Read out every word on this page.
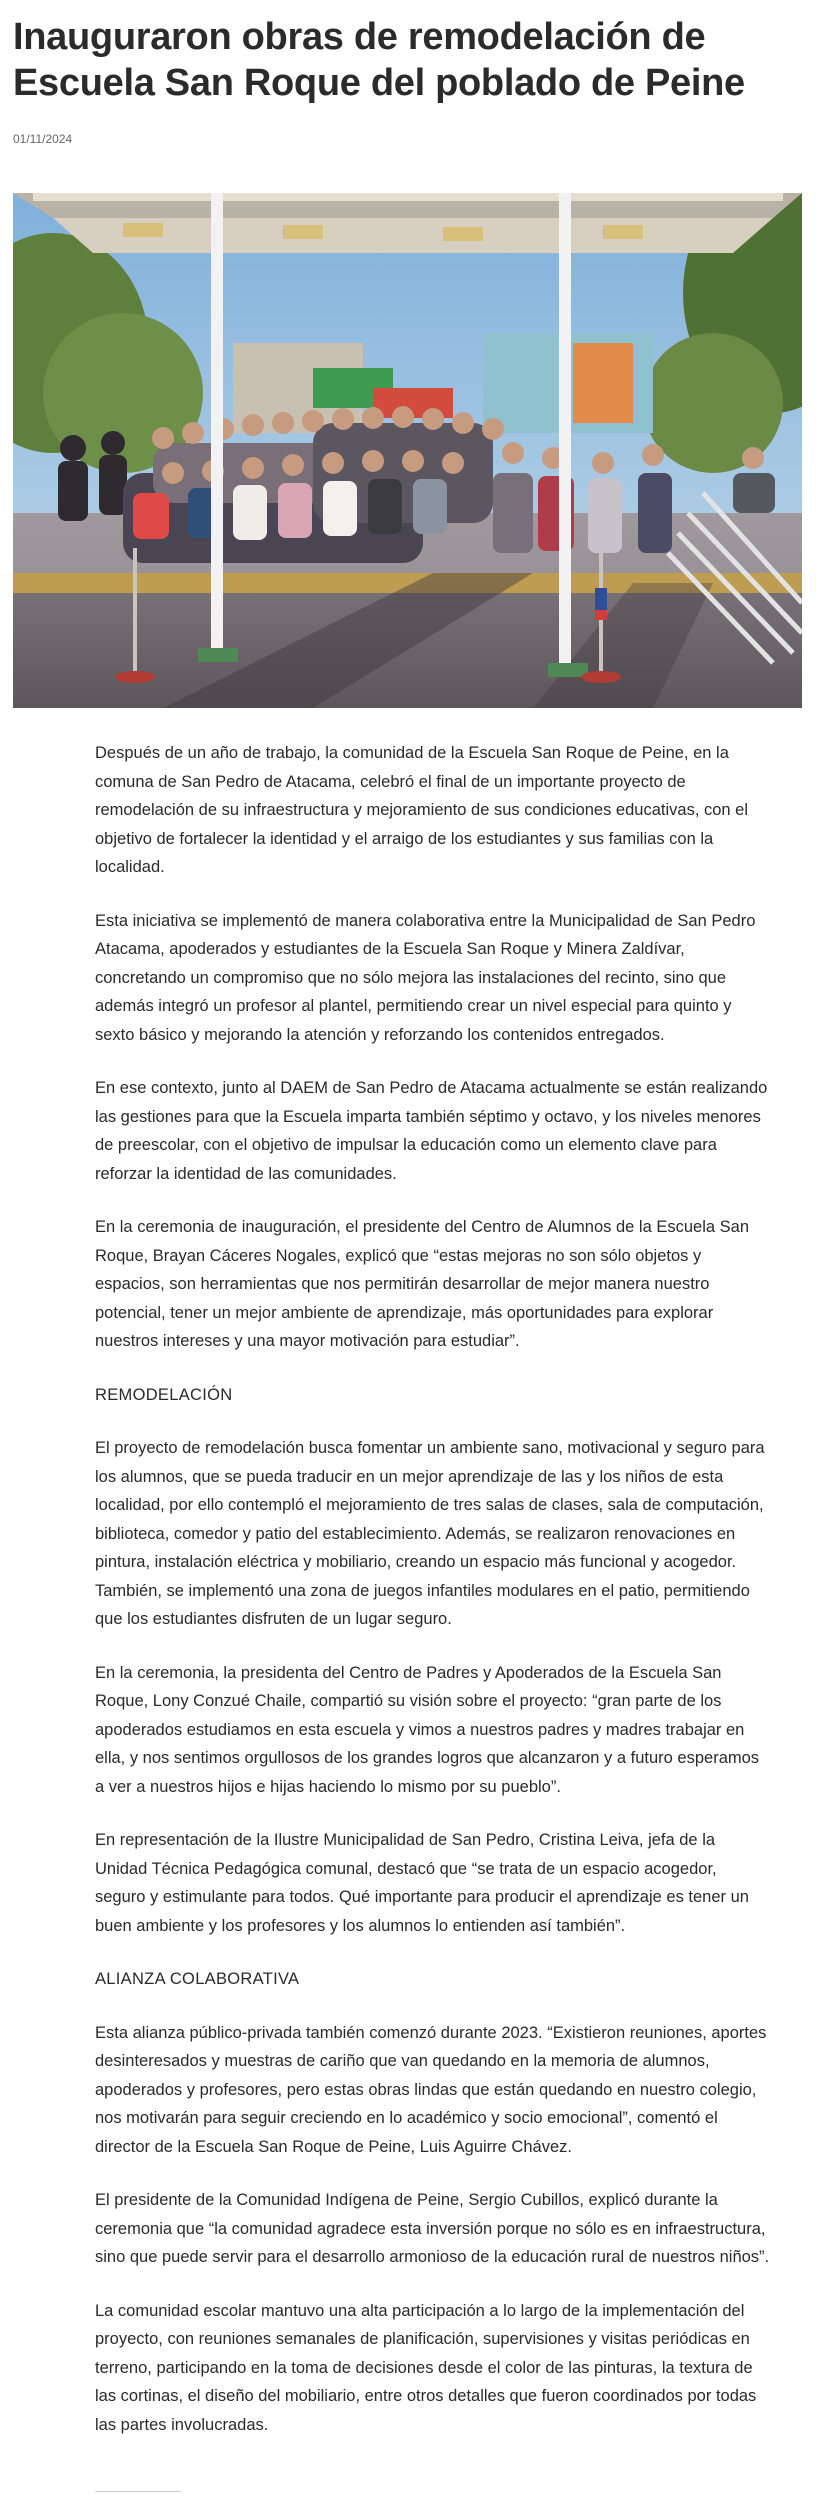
Inauguraron obras de remodelación de Escuela San Roque del poblado de Peine
01/11/2024

Después de un año de trabajo, la comunidad de la Escuela San Roque de Peine, en la comuna de San Pedro de Atacama, celebró el final de un importante proyecto de remodelación de su infraestructura y mejoramiento de sus condiciones educativas, con el objetivo de fortalecer la identidad y el arraigo de los estudiantes y sus familias con la localidad.

Esta iniciativa se implementó de manera colaborativa entre la Municipalidad de San Pedro Atacama, apoderados y estudiantes de la Escuela San Roque y Minera Zaldívar, concretando un compromiso que no sólo mejora las instalaciones del recinto, sino que además integró un profesor al plantel, permitiendo crear un nivel especial para quinto y sexto básico y mejorando la atención y reforzando los contenidos entregados.

En ese contexto, junto al DAEM de San Pedro de Atacama actualmente se están realizando las gestiones para que la Escuela imparta también séptimo y octavo, y los niveles menores de preescolar, con el objetivo de impulsar la educación como un elemento clave para reforzar la identidad de las comunidades.

En la ceremonia de inauguración, el presidente del Centro de Alumnos de la Escuela San Roque, Brayan Cáceres Nogales, explicó que “estas mejoras no son sólo objetos y espacios, son herramientas que nos permitirán desarrollar de mejor manera nuestro potencial, tener un mejor ambiente de aprendizaje, más oportunidades para explorar nuestros intereses y una mayor motivación para estudiar”.

REMODELACIÓN

El proyecto de remodelación busca fomentar un ambiente sano, motivacional y seguro para los alumnos, que se pueda traducir en un mejor aprendizaje de las y los niños de esta localidad, por ello contempló el mejoramiento de tres salas de clases, sala de computación, biblioteca, comedor y patio del establecimiento. Además, se realizaron renovaciones en pintura, instalación eléctrica y mobiliario, creando un espacio más funcional y acogedor. También, se implementó una zona de juegos infantiles modulares en el patio, permitiendo que los estudiantes disfruten de un lugar seguro.

En la ceremonia, la presidenta del Centro de Padres y Apoderados de la Escuela San Roque, Lony Conzué Chaile, compartió su visión sobre el proyecto: “gran parte de los apoderados estudiamos en esta escuela y vimos a nuestros padres y madres trabajar en ella, y nos sentimos orgullosos de los grandes logros que alcanzaron y a futuro esperamos a ver a nuestros hijos e hijas haciendo lo mismo por su pueblo”.

En representación de la Ilustre Municipalidad de San Pedro, Cristina Leiva, jefa de la Unidad Técnica Pedagógica comunal, destacó que “se trata de un espacio acogedor, seguro y estimulante para todos. Qué importante para producir el aprendizaje es tener un buen ambiente y los profesores y los alumnos lo entienden así también”.

ALIANZA COLABORATIVA

Esta alianza público-privada también comenzó durante 2023. “Existieron reuniones, aportes desinteresados y muestras de cariño que van quedando en la memoria de alumnos, apoderados y profesores, pero estas obras lindas que están quedando en nuestro colegio, nos motivarán para seguir creciendo en lo académico y socio emocional”, comentó el director de la Escuela San Roque de Peine, Luis Aguirre Chávez.

El presidente de la Comunidad Indígena de Peine, Sergio Cubillos, explicó durante la ceremonia que “la comunidad agradece esta inversión porque no sólo es en infraestructura, sino que puede servir para el desarrollo armonioso de la educación rural de nuestros niños”.

La comunidad escolar mantuvo una alta participación a lo largo de la implementación del proyecto, con reuniones semanales de planificación, supervisiones y visitas periódicas en terreno, participando en la toma de decisiones desde el color de las pinturas, la textura de las cortinas, el diseño del mobiliario, entre otros detalles que fueron coordinados por todas las partes involucradas.
